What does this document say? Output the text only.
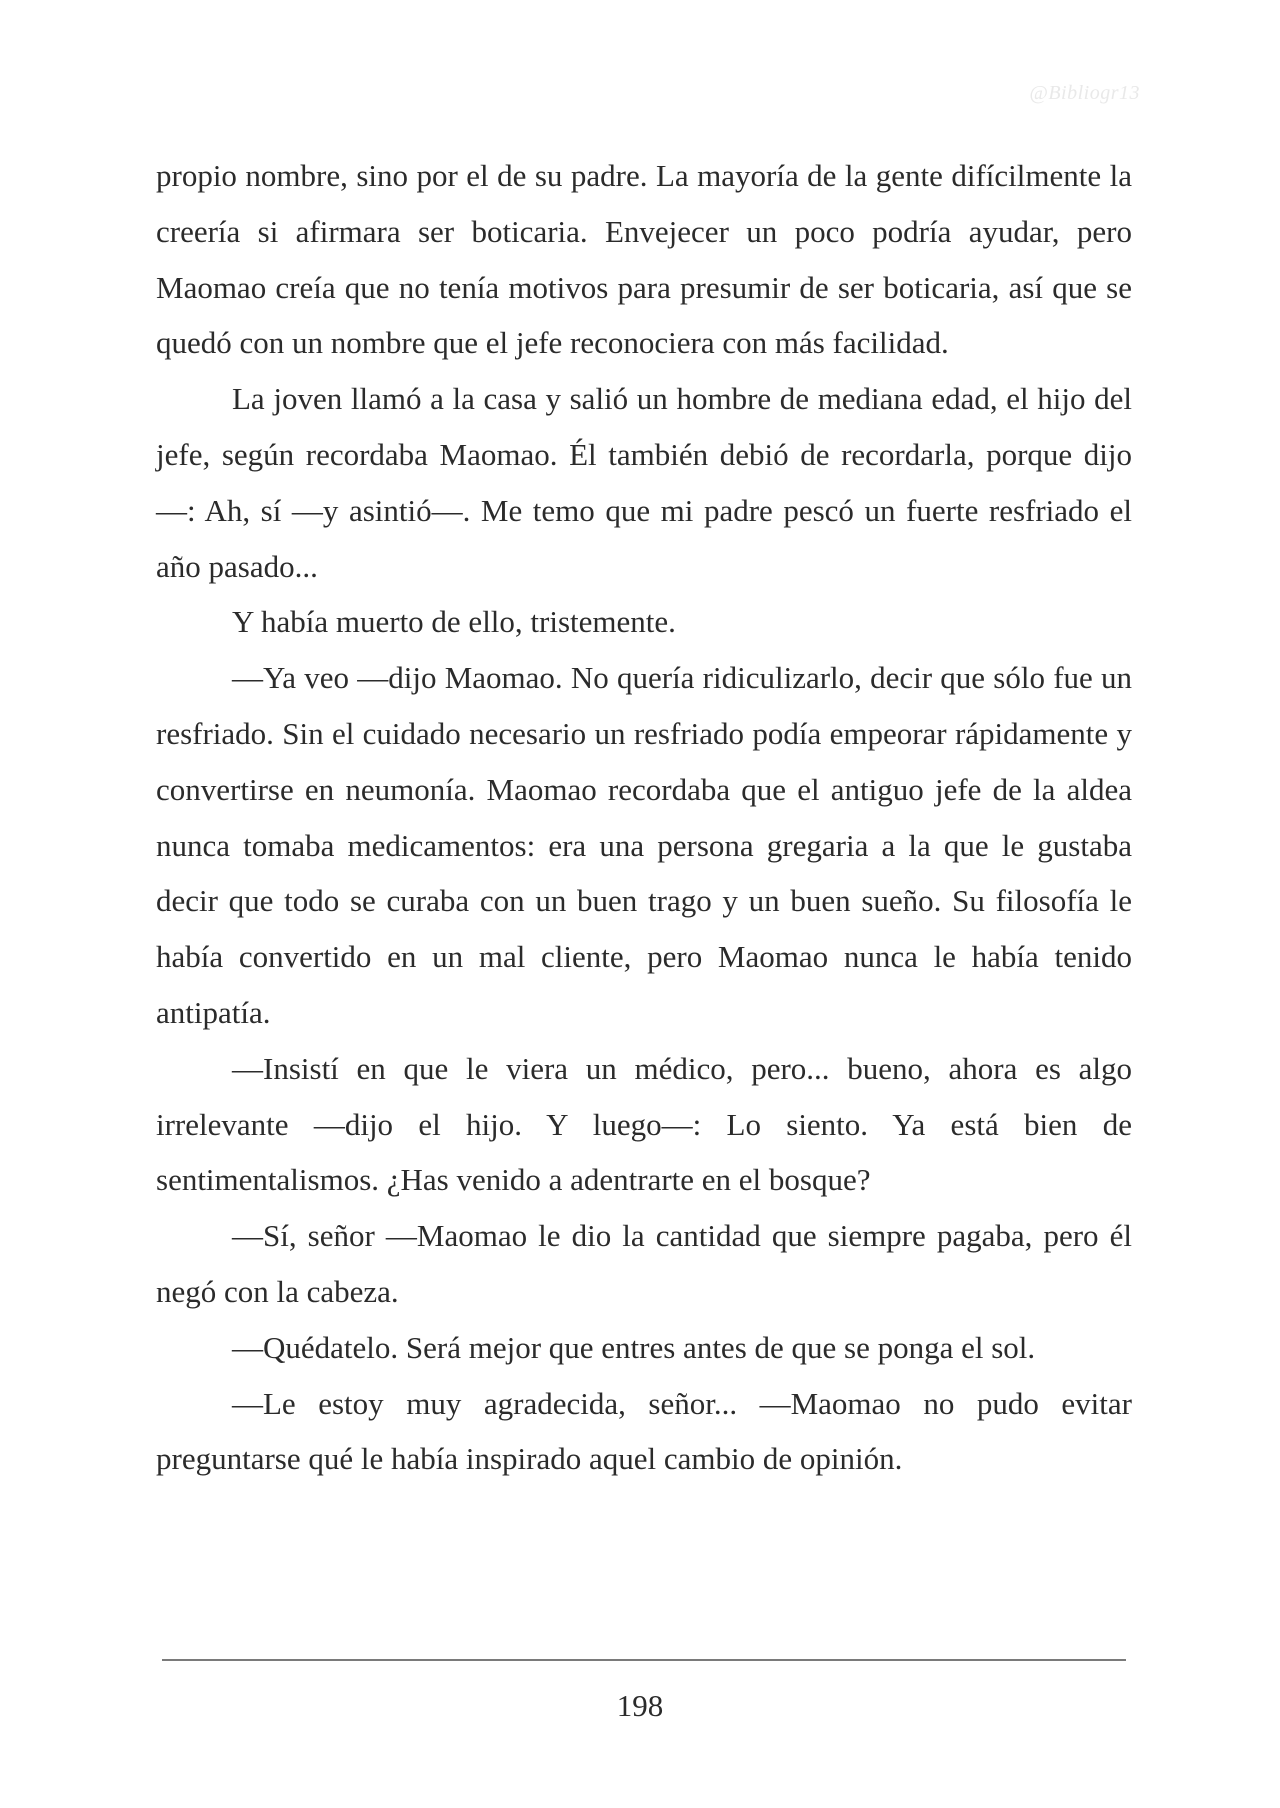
@Bibliogr13

propio nombre, sino por el de su padre. La mayoría de la gente difícilmente la creería si afirmara ser boticaria. Envejecer un poco podría ayudar, pero Maomao creía que no tenía motivos para presumir de ser boticaria, así que se quedó con un nombre que el jefe reconociera con más facilidad.

La joven llamó a la casa y salió un hombre de mediana edad, el hijo del jefe, según recordaba Maomao. Él también debió de recordarla, porque dijo—: Ah, sí —y asintió—. Me temo que mi padre pescó un fuerte resfriado el año pasado...

Y había muerto de ello, tristemente.

—Ya veo —dijo Maomao. No quería ridiculizarlo, decir que sólo fue un resfriado. Sin el cuidado necesario un resfriado podía empeorar rápidamente y convertirse en neumonía. Maomao recordaba que el antiguo jefe de la aldea nunca tomaba medicamentos: era una persona gregaria a la que le gustaba decir que todo se curaba con un buen trago y un buen sueño. Su filosofía le había convertido en un mal cliente, pero Maomao nunca le había tenido antipatía.

—Insistí en que le viera un médico, pero... bueno, ahora es algo irrelevante —dijo el hijo. Y luego—: Lo siento. Ya está bien de sentimentalismos. ¿Has venido a adentrarte en el bosque?

—Sí, señor —Maomao le dio la cantidad que siempre pagaba, pero él negó con la cabeza.

—Quédatelo. Será mejor que entres antes de que se ponga el sol.

—Le estoy muy agradecida, señor... —Maomao no pudo evitar preguntarse qué le había inspirado aquel cambio de opinión.

198
